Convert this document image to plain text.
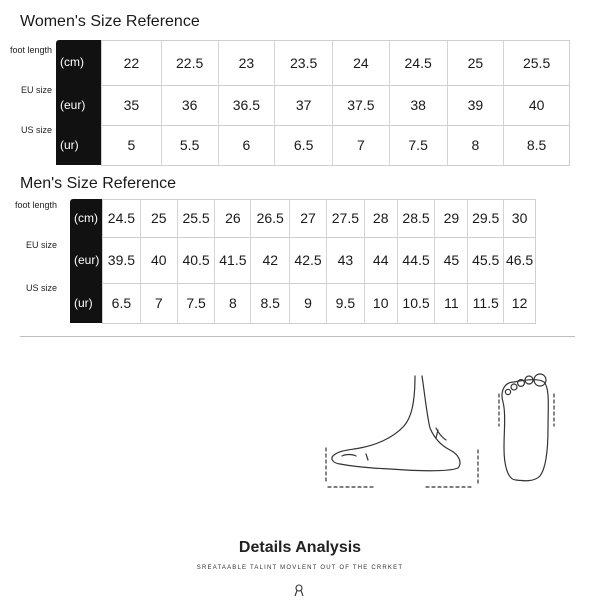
Women's Size Reference
foot length
(cm)	22	22.5	23	23.5	24	24.5	25	25.5
EU size
(eur)	35	36	36.5	37	37.5	38	39	40
US size
(ur)	5	5.5	6	6.5	7	7.5	8	8.5
Men's Size Reference
foot length
(cm) 24.5	25	25.5	26	26.5	27	27.5 28 28.5 29 29.5 30
EU size
(eur) 39.5	40	40.5 41.5	42	42.5	43	44 44.5 45 45.5 46.5
US size
(ur)	6.5	7	7.5	8	8.5	9	9.5	10 10.5	11 11.5 12
Details Analysis
SREATAABLE TALINT MOVLENT OUT OF THE CRRKET
